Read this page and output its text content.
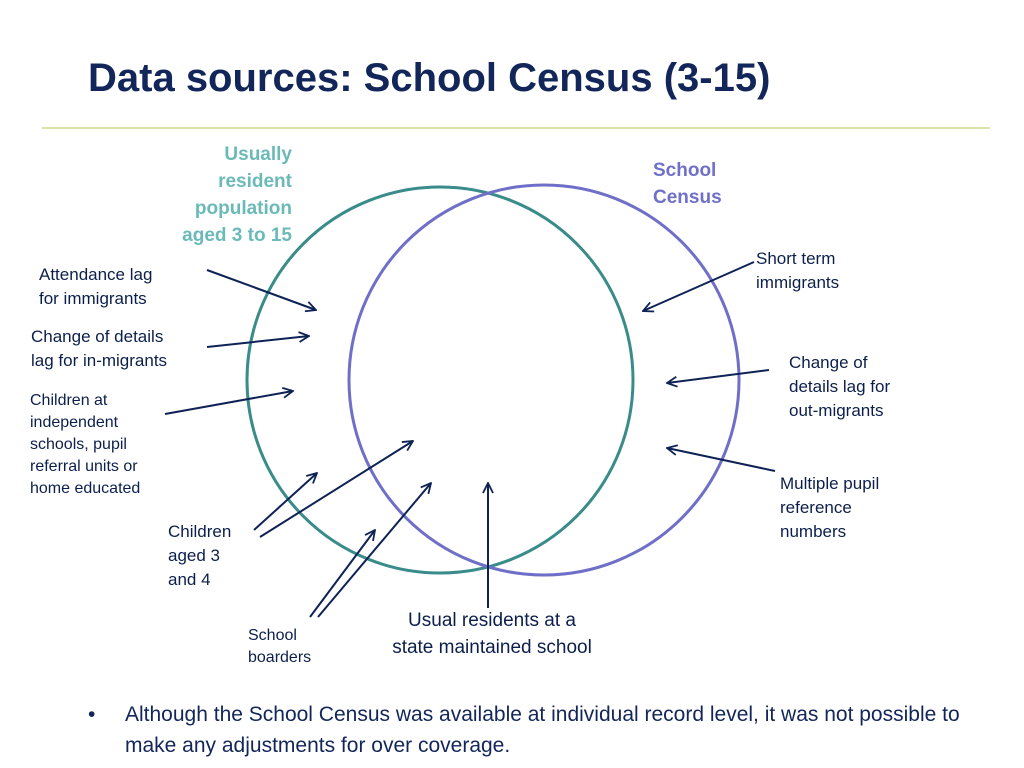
Data sources: School Census (3-15)
Usually
resident
population
aged 3 to 15
School
Census
Attendance lag
for immigrants
Change of details
lag for in-migrants
Children at
independent
schools, pupil
referral units or
home educated
Children
aged 3
and 4
School
boarders
Short term
immigrants
Change of
details lag for
out-migrants
Multiple pupil
reference
numbers
Usual residents at a
state maintained school
• Although the School Census was available at individual record level, it was not possible to make any adjustments for over coverage.
